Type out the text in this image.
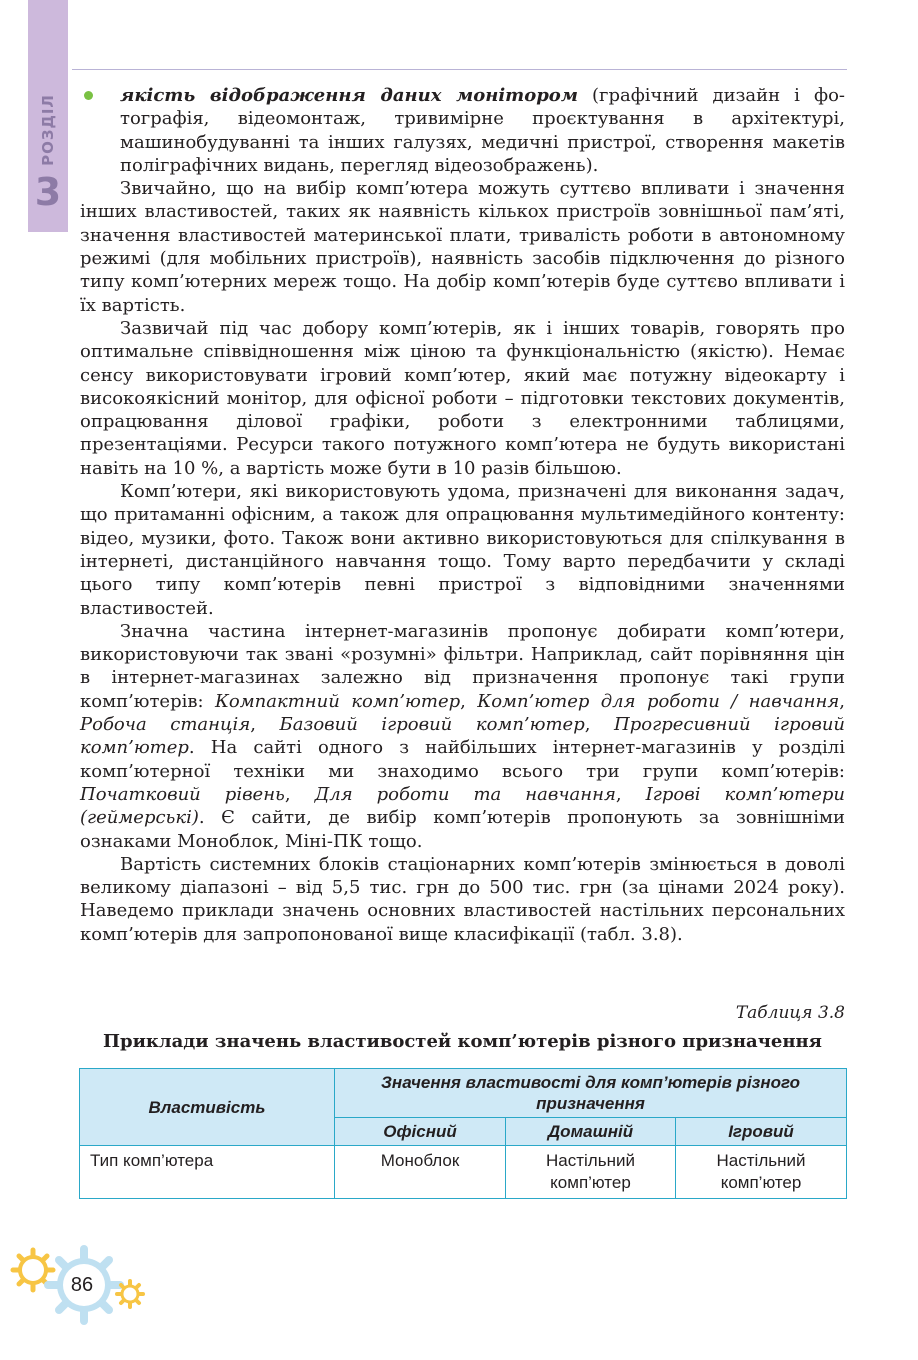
РОЗДІЛ
3

якість відображення даних монітором (графічний дизайн і фотографія, відеомонтаж, тривимірне проєктування в архітектурі, машинобудуванні та інших галузях, медичні пристрої, створення макетів поліграфічних видань, перегляд відеозображень).

Звичайно, що на вибір комп’ютера можуть суттєво впливати і значення інших властивостей, таких як наявність кількох пристроїв зовнішньої пам’яті, значення властивостей материнської плати, тривалість роботи в автономному режимі (для мобільних пристроїв), наявність засобів підключення до різного типу комп’ютерних мереж тощо. На добір комп’ютерів буде суттєво впливати і їх вартість.

Зазвичай під час добору комп’ютерів, як і інших товарів, говорять про оптимальне співвідношення між ціною та функціональністю (якістю). Немає сенсу використовувати ігровий комп’ютер, який має потужну відеокарту і високоякісний монітор, для офісної роботи – підготовки текстових документів, опрацювання ділової графіки, роботи з електронними таблицями, презентаціями. Ресурси такого потужного комп’ютера не будуть використані навіть на 10 %, а вартість може бути в 10 разів більшою.

Комп’ютери, які використовують удома, призначені для виконання задач, що притаманні офісним, а також для опрацювання мультимедійного контенту: відео, музики, фото. Також вони активно використовуються для спілкування в інтернеті, дистанційного навчання тощо. Тому варто передбачити у складі цього типу комп’ютерів певні пристрої з відповідними значеннями властивостей.

Значна частина інтернет-магазинів пропонує добирати комп’ютери, використовуючи так звані «розумні» фільтри. Наприклад, сайт порівняння цін в інтернет-магазинах залежно від призначення пропонує такі групи комп’ютерів: Компактний комп’ютер, Комп’ютер для роботи / навчання, Робоча станція, Базовий ігровий комп’ютер, Прогресивний ігровий комп’ютер. На сайті одного з найбільших інтернет-магазинів у розділі комп’ютерної техніки ми знаходимо всього три групи комп’ютерів: Початковий рівень, Для роботи та навчання, Ігрові комп’ютери (геймерські). Є сайти, де вибір комп’ютерів пропонують за зовнішніми ознаками Моноблок, Міні-ПК тощо.

Вартість системних блоків стаціонарних комп’ютерів змінюється в доволі великому діапазоні – від 5,5 тис. грн до 500 тис. грн (за цінами 2024 року). Наведемо приклади значень основних властивостей настільних персональних комп’ютерів для запропонованої вище класифікації (табл. 3.8).

Таблиця 3.8
Приклади значень властивостей комп’ютерів різного призначення
Властивість	Значення властивості для комп’ютерів різного призначення		
	Офісний	Домашній	Ігровий
Тип комп’ютера	Моноблок	Настільний комп’ютер	Настільний комп’ютер
86
